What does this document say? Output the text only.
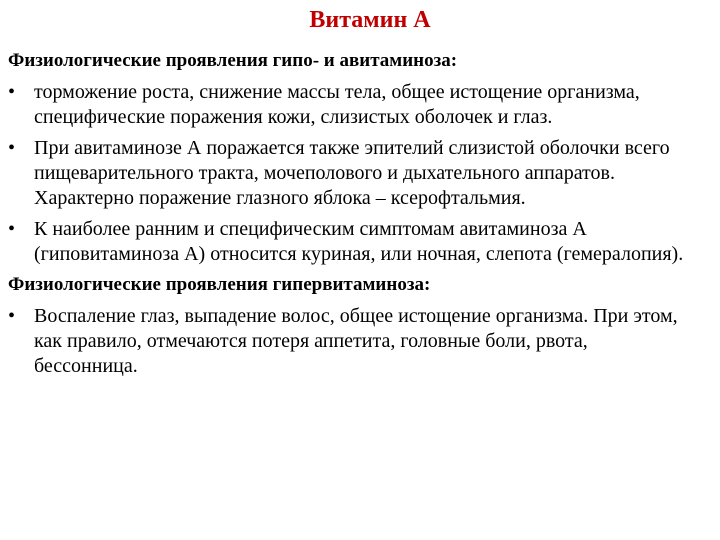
Витамин А
Физиологические проявления гипо- и авитаминоза:
• торможение роста, снижение массы тела, общее истощение организма, специфические поражения кожи, слизистых оболочек и глаз.
• При авитаминозе А поражается также эпителий слизистой оболочки всего пищеварительного тракта, мочеполового и дыхательного аппаратов. Характерно поражение глазного яблока – ксерофтальмия.
• К наиболее ранним и специфическим симптомам авитаминоза А (гиповитаминоза А) относится куриная, или ночная, слепота (гемералопия).
Физиологические проявления гипервитаминоза:
• Воспаление глаз, выпадение волос, общее истощение организма. При этом, как правило, отмечаются потеря аппетита, головные боли, рвота, бессонница.
